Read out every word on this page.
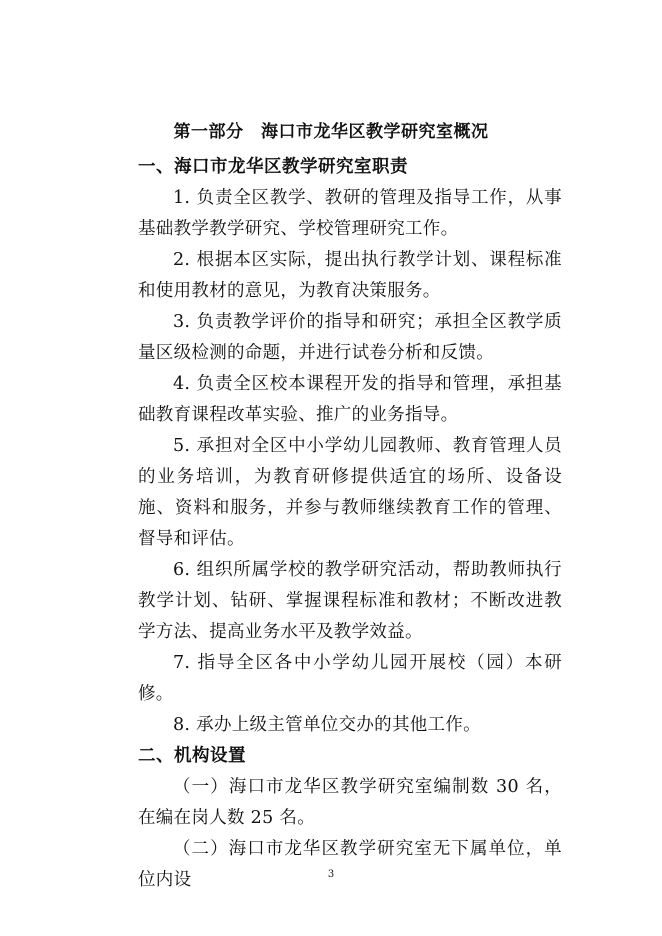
第一部分　海口市龙华区教学研究室概况

一、海口市龙华区教学研究室职责

1. 负责全区教学、教研的管理及指导工作，从事基础教学教学研究、学校管理研究工作。

2. 根据本区实际，提出执行教学计划、课程标准和使用教材的意见，为教育决策服务。

3. 负责教学评价的指导和研究；承担全区教学质量区级检测的命题，并进行试卷分析和反馈。

4. 负责全区校本课程开发的指导和管理，承担基础教育课程改革实验、推广的业务指导。

5. 承担对全区中小学幼儿园教师、教育管理人员的业务培训，为教育研修提供适宜的场所、设备设施、资料和服务，并参与教师继续教育工作的管理、督导和评估。

6. 组织所属学校的教学研究活动，帮助教师执行教学计划、钻研、掌握课程标准和教材；不断改进教学方法、提高业务水平及教学效益。

7. 指导全区各中小学幼儿园开展校（园）本研修。

8. 承办上级主管单位交办的其他工作。

二、机构设置

（一）海口市龙华区教学研究室编制数 30 名，在编在岗人数 25 名。

（二）海口市龙华区教学研究室无下属单位，单位内设	3
